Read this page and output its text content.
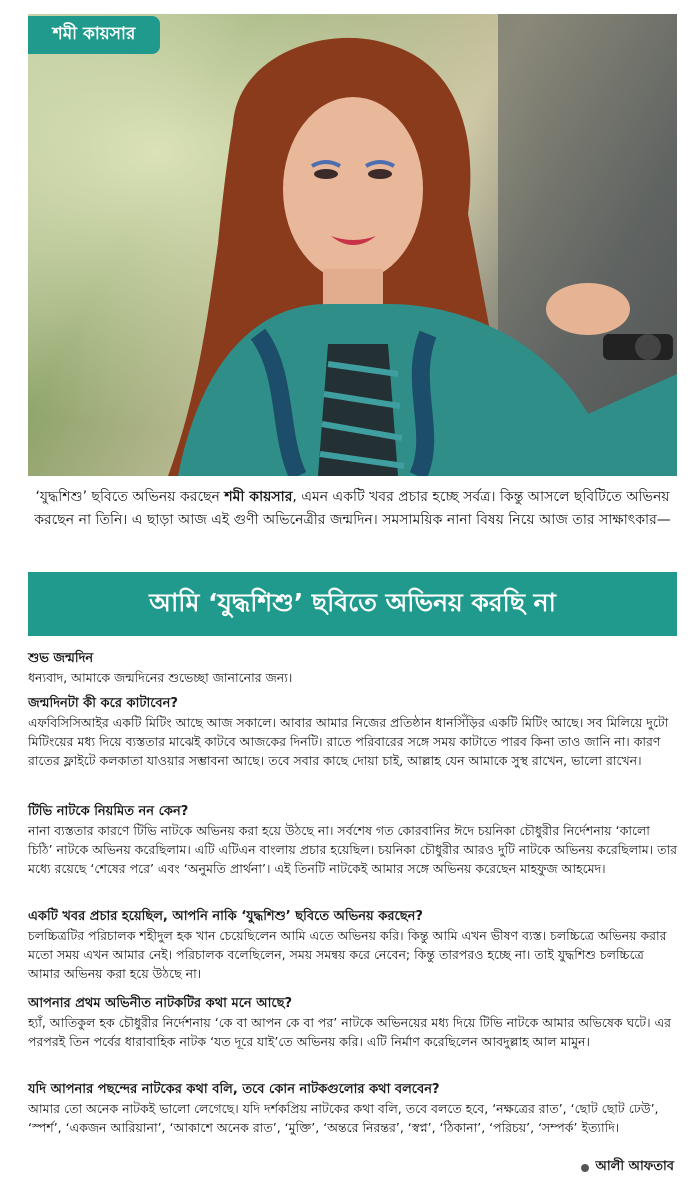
শমী কায়সার
‘যুদ্ধশিশু’ ছবিতে অভিনয় করছেন শমী কায়সার, এমন একটি খবর প্রচার হচ্ছে সর্বত্র। কিন্তু আসলে ছবিটিতে অভিনয় করছেন না তিনি। এ ছাড়া আজ এই গুণী অভিনেত্রীর জন্মদিন। সমসাময়িক নানা বিষয় নিয়ে আজ তার সাক্ষাৎকার—
আমি ‘যুদ্ধশিশু’ ছবিতে অভিনয় করছি না
শুভ জন্মদিন
ধন্যবাদ, আমাকে জন্মদিনের শুভেচ্ছা জানানোর জন্য।
জন্মদিনটা কী করে কাটাবেন?
এফবিসিসিআইর একটি মিটিং আছে আজ সকালে। আবার আমার নিজের প্রতিষ্ঠান ধানসিঁড়ির একটি মিটিং আছে। সব মিলিয়ে দুটো মিটিংয়ের মধ্য দিয়ে ব্যস্ততার মাঝেই কাটবে আজকের দিনটি। রাতে পরিবারের সঙ্গে সময় কাটাতে পারব কিনা তাও জানি না। কারণ রাতের ফ্লাইটে কলকাতা যাওয়ার সম্ভাবনা আছে। তবে সবার কাছে দোয়া চাই, আল্লাহ যেন আমাকে সুস্থ রাখেন, ভালো রাখেন।
টিভি নাটকে নিয়মিত নন কেন?
নানা ব্যস্ততার কারণে টিভি নাটকে অভিনয় করা হয়ে উঠছে না। সর্বশেষ গত কোরবানির ঈদে চয়নিকা চৌধুরীর নির্দেশনায় ‘কালো চিঠি’ নাটকে অভিনয় করেছিলাম। এটি এটিএন বাংলায় প্রচার হয়েছিল। চয়নিকা চৌধুরীর আরও দুটি নাটকে অভিনয় করেছিলাম। তার মধ্যে রয়েছে ‘শেষের পরে’ এবং ‘অনুমতি প্রার্থনা’। এই তিনটি নাটকেই আমার সঙ্গে অভিনয় করেছেন মাহফুজ আহমেদ।
একটি খবর প্রচার হয়েছিল, আপনি নাকি ‘যুদ্ধশিশু’ ছবিতে অভিনয় করছেন?
চলচ্চিত্রটির পরিচালক শহীদুল হক খান চেয়েছিলেন আমি এতে অভিনয় করি। কিন্তু আমি এখন ভীষণ ব্যস্ত। চলচ্চিত্রে অভিনয় করার মতো সময় এখন আমার নেই। পরিচালক বলেছিলেন, সময় সমন্বয় করে নেবেন; কিন্তু তারপরও হচ্ছে না। তাই যুদ্ধশিশু চলচ্চিত্রে আমার অভিনয় করা হয়ে উঠছে না।
আপনার প্রথম অভিনীত নাটকটির কথা মনে আছে?
হ্যাঁ, আতিকুল হক চৌধুরীর নির্দেশনায় ‘কে বা আপন কে বা পর’ নাটকে অভিনয়ের মধ্য দিয়ে টিভি নাটকে আমার অভিষেক ঘটে। এর পরপরই তিন পর্বের ধারাবাহিক নাটক ‘যত দূরে যাই’তে অভিনয় করি। এটি নির্মাণ করেছিলেন আবদুল্লাহ আল মামুন।
যদি আপনার পছন্দের নাটকের কথা বলি, তবে কোন নাটকগুলোর কথা বলবেন?
আমার তো অনেক নাটকই ভালো লেগেছে। যদি দর্শকপ্রিয় নাটকের কথা বলি, তবে বলতে হবে, ‘নক্ষত্রের রাত’, ‘ছোট ছোট ঢেউ’, ‘স্পর্শ’, ‘একজন আরিয়ানা’, ‘আকাশে অনেক রাত’, ‘মুক্তি’, ‘অন্তরে নিরন্তর’, ‘স্বপ্ন’, ‘ঠিকানা’, ‘পরিচয়’, ‘সম্পর্ক’ ইত্যাদি।
আলী আফতাব
